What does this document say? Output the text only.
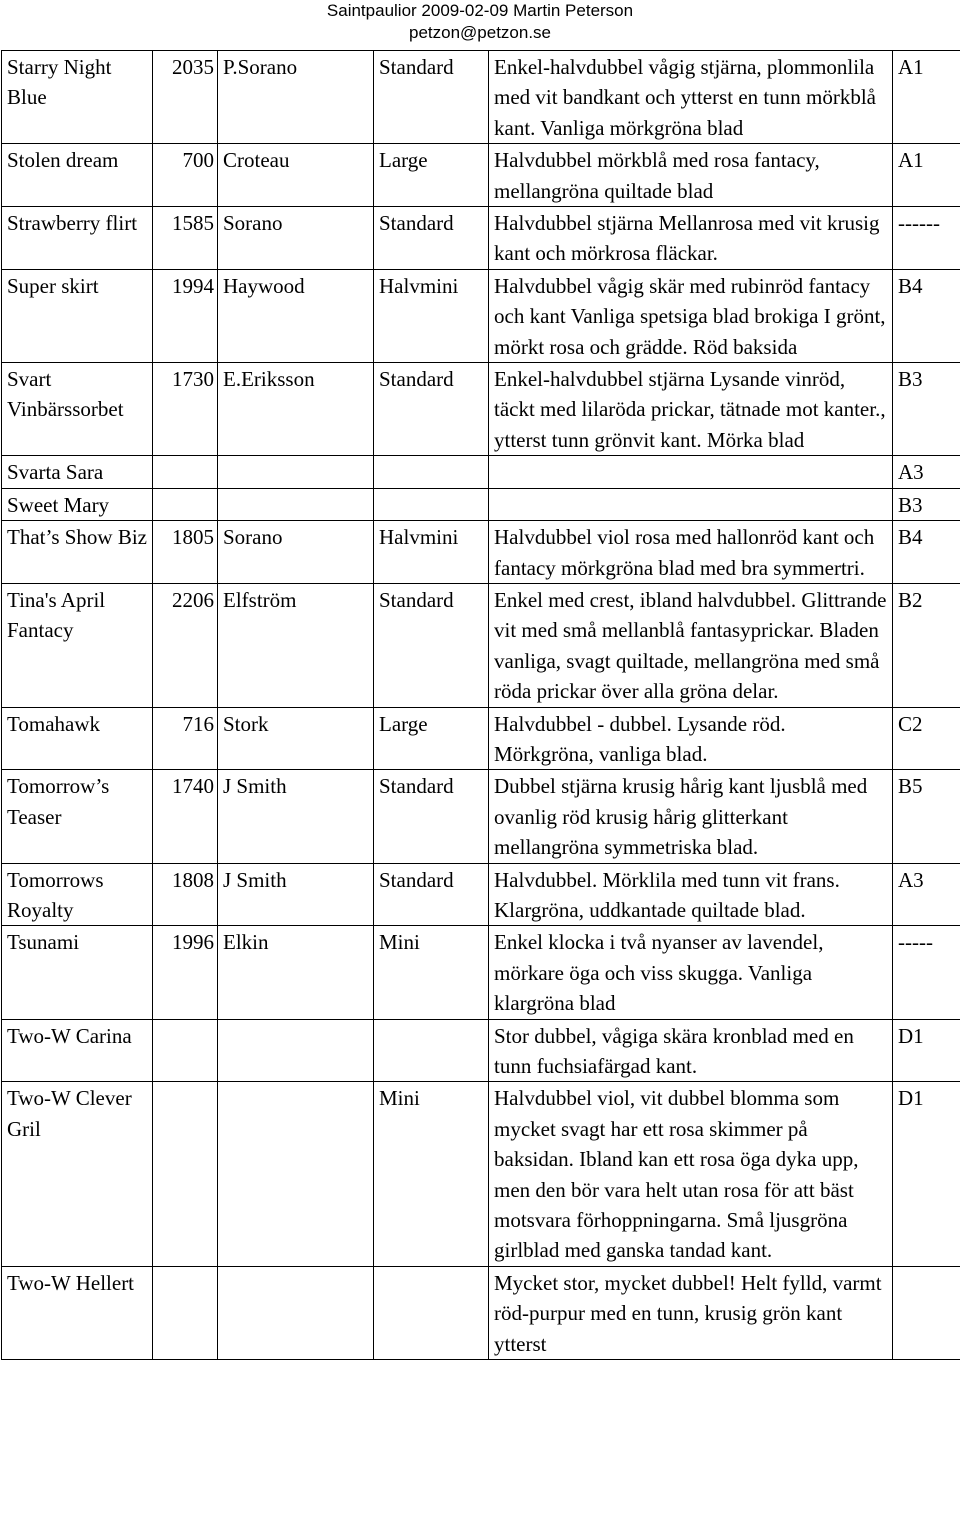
Saintpaulior 2009-02-09 Martin Peterson
petzon@petzon.se
Starry Night Blue	2035	P.Sorano	Standard	Enkel-halvdubbel vågig stjärna, plommonlila med vit bandkant och ytterst en tunn mörkblå kant. Vanliga mörkgröna blad	A1
Stolen dream	700	Croteau	Large	Halvdubbel mörkblå med rosa fantacy, mellangröna quiltade blad	A1
Strawberry flirt	1585	Sorano	Standard	Halvdubbel stjärna Mellanrosa med vit krusig kant och mörkrosa fläckar.	------
Super skirt	1994	Haywood	Halvmini	Halvdubbel vågig skär med rubinröd fantacy och kant Vanliga spetsiga blad brokiga I grönt, mörkt rosa och grädde. Röd baksida	B4
Svart Vinbärssorbet	1730	E.Eriksson	Standard	Enkel-halvdubbel stjärna Lysande vinröd, täckt med lilaröda prickar, tätnade mot kanter., ytterst tunn grönvit kant. Mörka blad	B3
Svarta Sara					A3
Sweet Mary					B3
That’s Show Biz	1805	Sorano	Halvmini	Halvdubbel viol rosa med hallonröd kant och fantacy mörkgröna blad med bra symmertri.	B4
Tina's April Fantacy	2206	Elfström	Standard	Enkel med crest, ibland halvdubbel. Glittrande vit med små mellanblå fantasyprickar. Bladen vanliga, svagt quiltade, mellangröna med små röda prickar över alla gröna delar.	B2
Tomahawk	716	Stork	Large	Halvdubbel - dubbel. Lysande röd. Mörkgröna, vanliga blad.	C2
Tomorrow’s Teaser	1740	J Smith	Standard	Dubbel stjärna krusig hårig kant ljusblå med ovanlig röd krusig hårig glitterkant mellangröna symmetriska blad.	B5
Tomorrows Royalty	1808	J Smith	Standard	Halvdubbel. Mörklila med tunn vit frans. Klargröna, uddkantade quiltade blad.	A3
Tsunami	1996	Elkin	Mini	Enkel klocka i två nyanser av lavendel, mörkare öga och viss skugga. Vanliga klargröna blad	-----
Two-W Carina				Stor dubbel, vågiga skära kronblad med en tunn fuchsiafärgad kant.	D1
Two-W Clever Gril			Mini	Halvdubbel viol, vit dubbel blomma som mycket svagt har ett rosa skimmer på baksidan. Ibland kan ett rosa öga dyka upp, men den bör vara helt utan rosa för att bäst motsvara förhoppningarna. Små ljusgröna girlblad med ganska tandad kant.	D1
Two-W Hellert				Mycket stor, mycket dubbel! Helt fylld, varmt röd-purpur med en tunn, krusig grön kant ytterst	
